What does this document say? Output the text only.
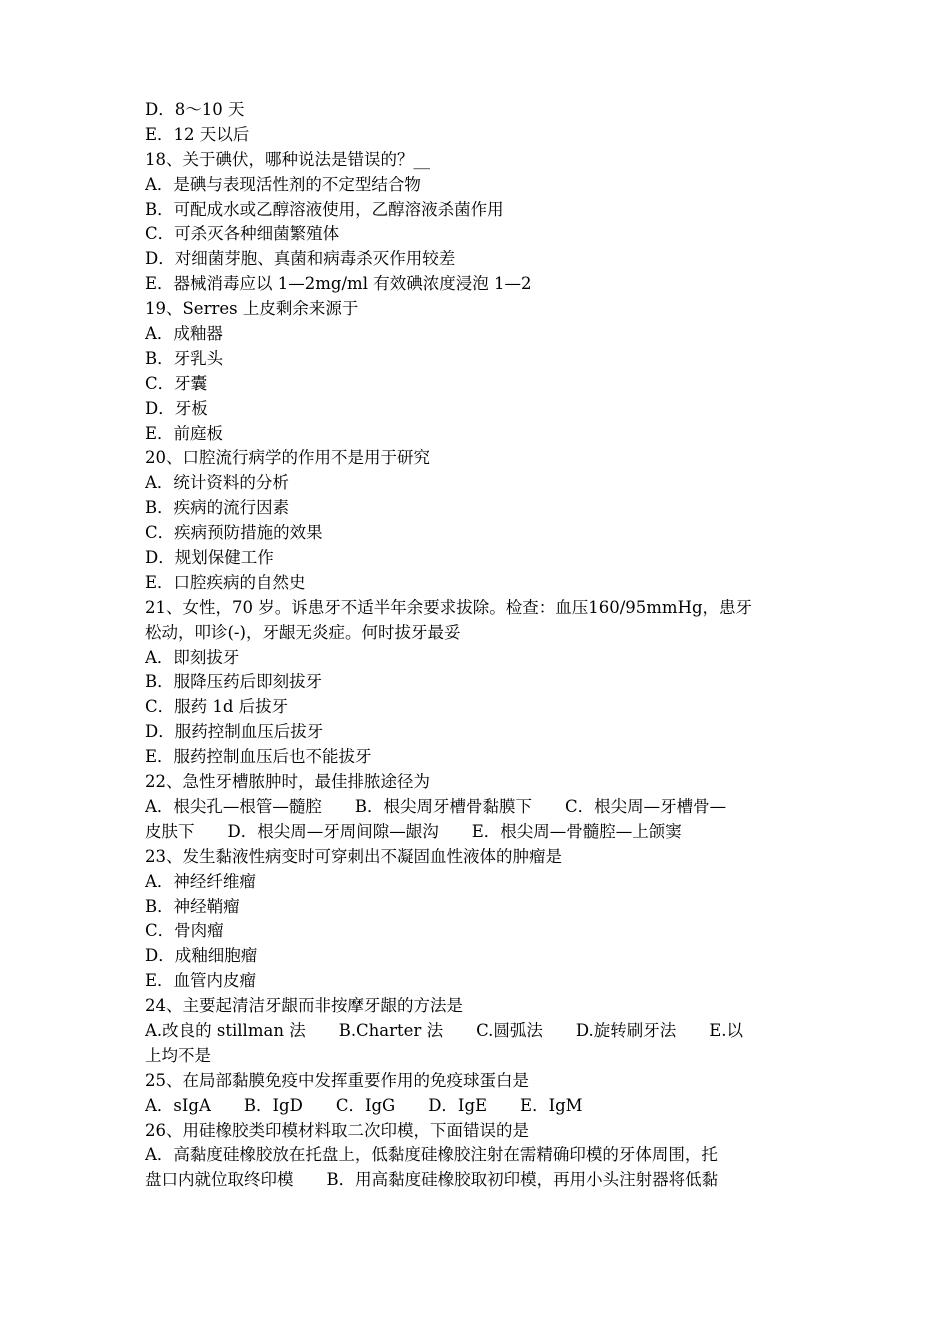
D．8～10 天
E．12 天以后
18、关于碘伏，哪种说法是错误的？__
A．是碘与表现活性剂的不定型结合物
B．可配成水或乙醇溶液使用，乙醇溶液杀菌作用
C．可杀灭各种细菌繁殖体
D．对细菌芽胞、真菌和病毒杀灭作用较差
E．器械消毒应以 1—2mg/ml 有效碘浓度浸泡 1—2
19、Serres 上皮剩余来源于
A．成釉器
B．牙乳头
C．牙囊
D．牙板
E．前庭板
20、口腔流行病学的作用不是用于研究
A．统计资料的分析
B．疾病的流行因素
C．疾病预防措施的效果
D．规划保健工作
E．口腔疾病的自然史
21、女性，70 岁。诉患牙不适半年余要求拔除。检查：血压160/95mmHg，患牙
松动，叩诊(-)，牙龈无炎症。何时拔牙最妥
A．即刻拔牙
B．服降压药后即刻拔牙
C．服药 1d 后拔牙
D．服药控制血压后拔牙
E．服药控制血压后也不能拔牙
22、急性牙槽脓肿时，最佳排脓途径为
A．根尖孔—根管—髓腔　　B．根尖周牙槽骨黏膜下　　C．根尖周—牙槽骨—
皮肤下　　D．根尖周—牙周间隙—龈沟　　E．根尖周—骨髓腔—上颌窦
23、发生黏液性病变时可穿刺出不凝固血性液体的肿瘤是
A．神经纤维瘤
B．神经鞘瘤
C．骨肉瘤
D．成釉细胞瘤
E．血管内皮瘤
24、主要起清洁牙龈而非按摩牙龈的方法是
A.改良的 stillman 法　　B.Charter 法　　C.圆弧法　　D.旋转刷牙法　　E.以
上均不是
25、在局部黏膜免疫中发挥重要作用的免疫球蛋白是
A．sIgA　　B．IgD　　C．IgG　　D．IgE　　E．IgM
26、用硅橡胶类印模材料取二次印模，下面错误的是
A．高黏度硅橡胶放在托盘上，低黏度硅橡胶注射在需精确印模的牙体周围，托
盘口内就位取终印模　　B．用高黏度硅橡胶取初印模，再用小头注射器将低黏
